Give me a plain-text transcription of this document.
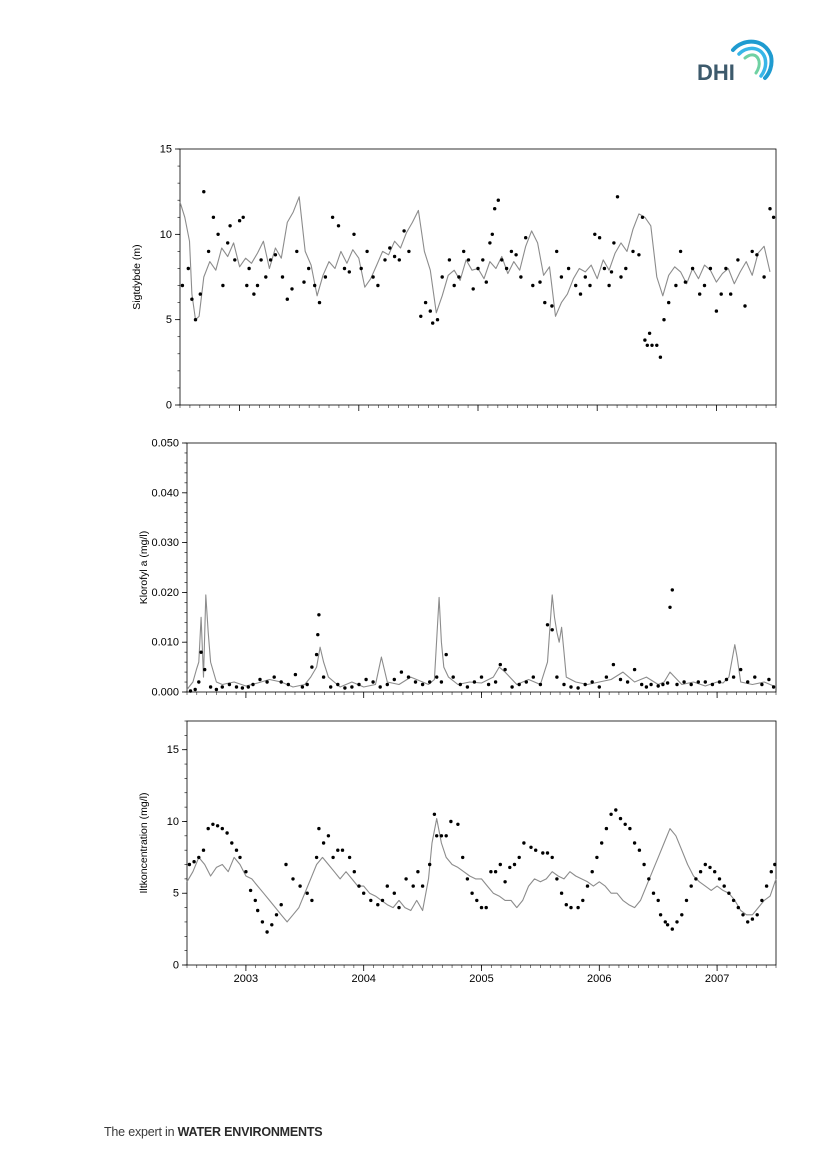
DHI
0
5
10
15
Sigtdybde (m)
0.000
0.010
0.020
0.030
0.040
0.050
Klorofyl a (mg/l)
0
5
10
15
2003	2004	2005	2006	2007
Iltkoncentration (mg/l)
The expert in WATER ENVIRONMENTS
